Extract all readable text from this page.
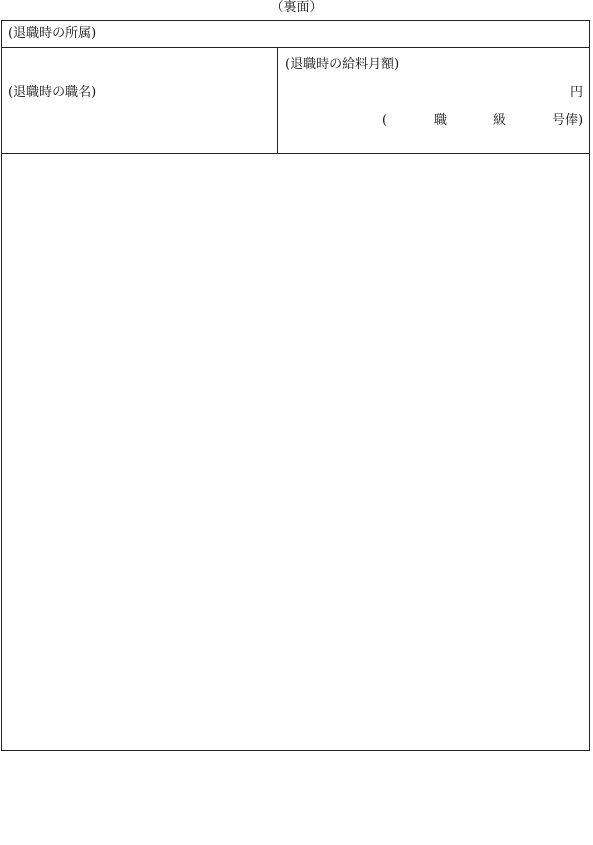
（裏面）
(退職時の所属)
(退職時の職名)
(退職時の給料月額)
円
(	職	級	号俸)
